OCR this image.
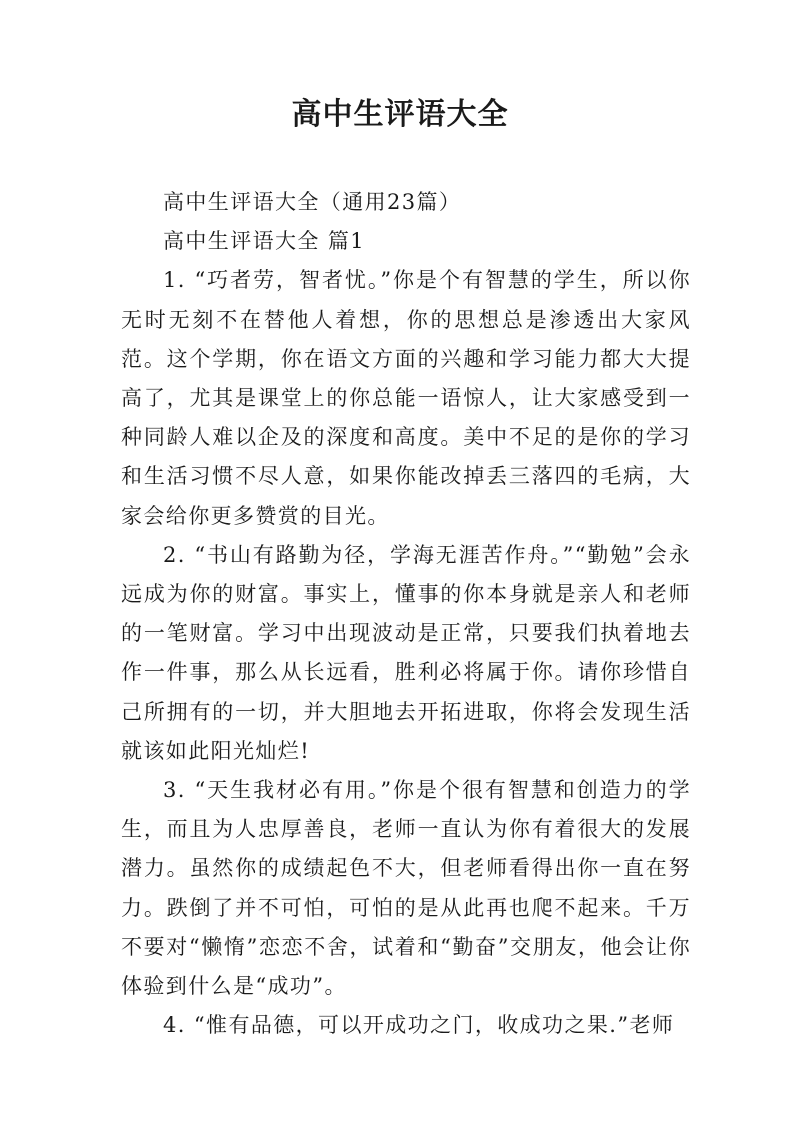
高中生评语大全

高中生评语大全（通用23篇）

高中生评语大全 篇1

1. “巧者劳，智者忧。”你是个有智慧的学生，所以你无时无刻不在替他人着想，你的思想总是渗透出大家风范。这个学期，你在语文方面的兴趣和学习能力都大大提高了，尤其是课堂上的你总能一语惊人，让大家感受到一种同龄人难以企及的深度和高度。美中不足的是你的学习和生活习惯不尽人意，如果你能改掉丢三落四的毛病，大家会给你更多赞赏的目光。

2. “书山有路勤为径，学海无涯苦作舟。”“勤勉”会永远成为你的财富。事实上，懂事的你本身就是亲人和老师的一笔财富。学习中出现波动是正常，只要我们执着地去作一件事，那么从长远看，胜利必将属于你。请你珍惜自己所拥有的一切，并大胆地去开拓进取，你将会发现生活就该如此阳光灿烂!

3. “天生我材必有用。”你是个很有智慧和创造力的学生，而且为人忠厚善良，老师一直认为你有着很大的发展潜力。虽然你的成绩起色不大，但老师看得出你一直在努力。跌倒了并不可怕，可怕的是从此再也爬不起来。千万不要对“懒惰”恋恋不舍，试着和“勤奋”交朋友，他会让你体验到什么是“成功”。

4. “惟有品德，可以开成功之门，收成功之果.”老师
